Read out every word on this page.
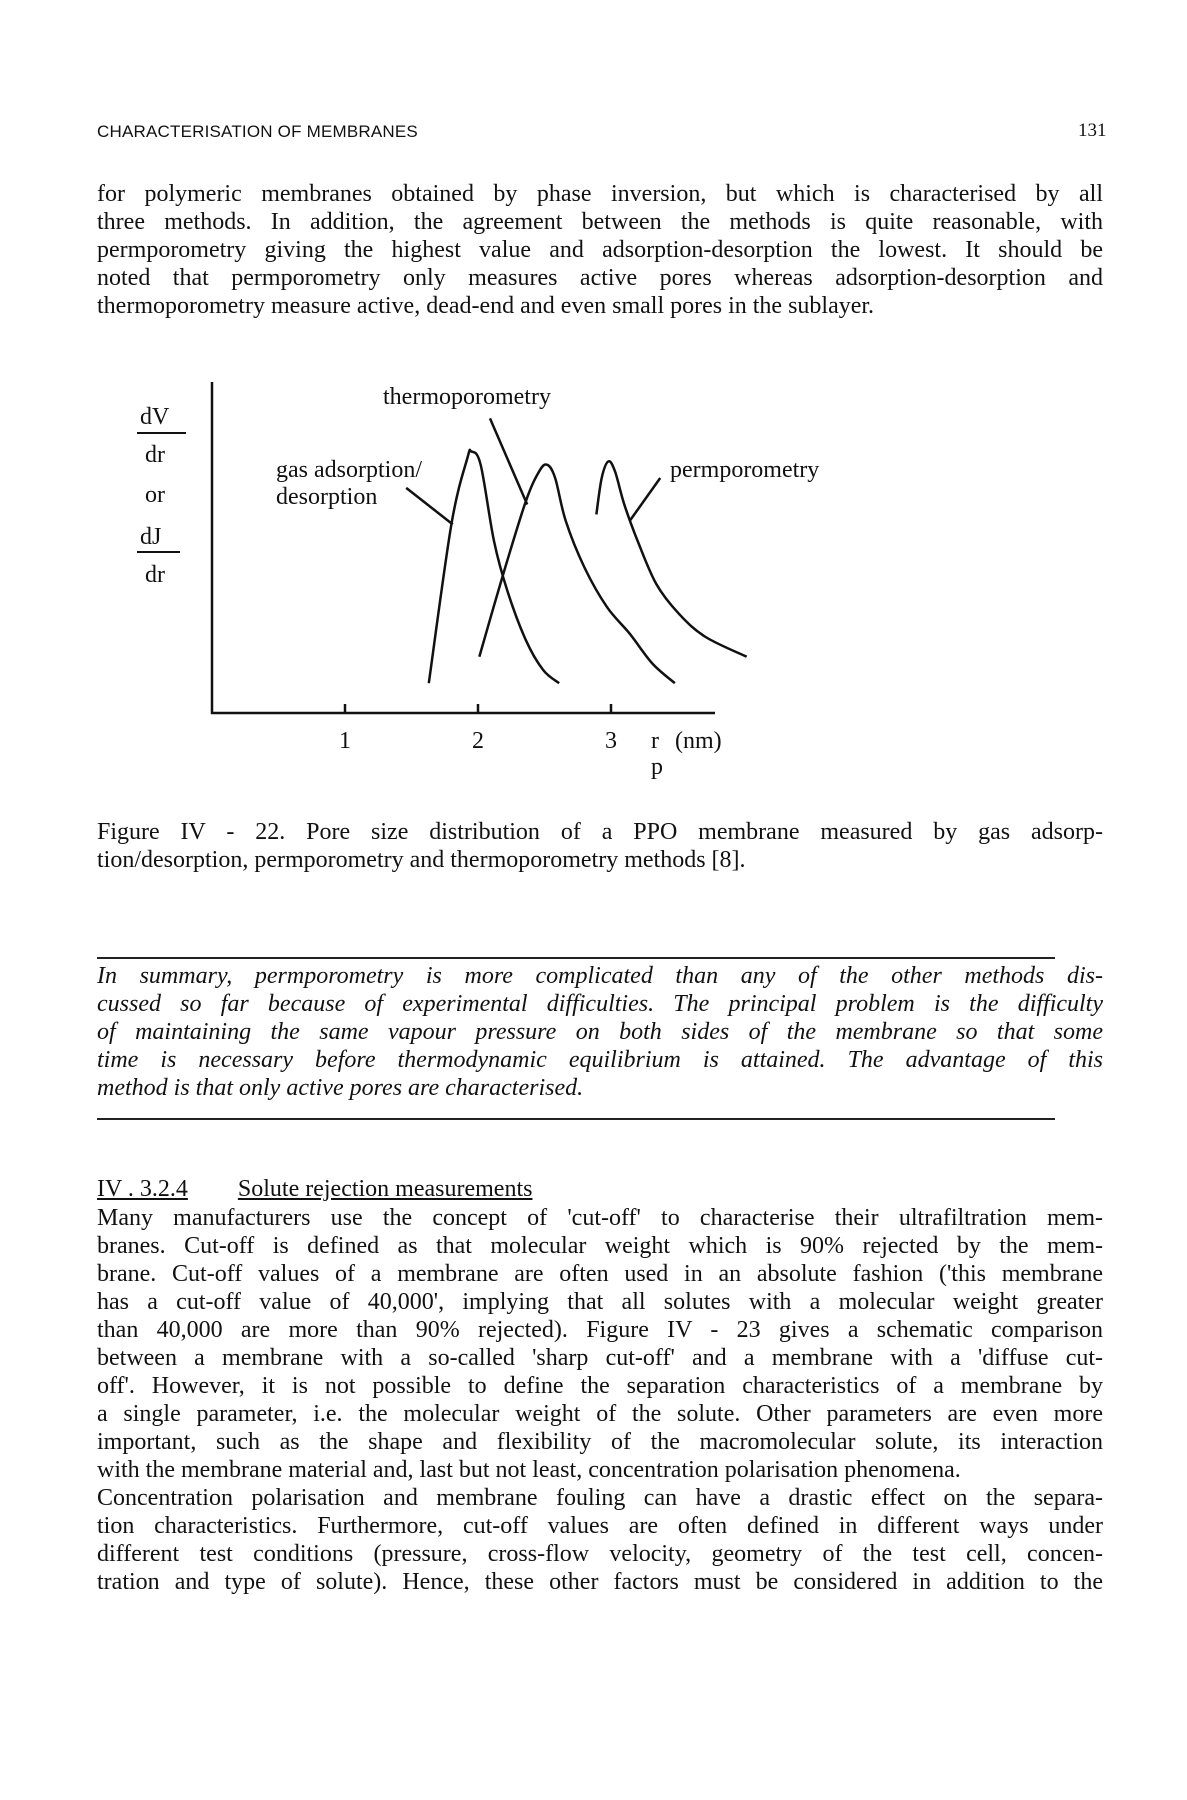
CHARACTERISATION OF MEMBRANES	131
for polymeric membranes obtained by phase inversion, but which is characterised by all
three methods. In addition, the agreement between the methods is quite reasonable, with
permporometry giving the highest value and adsorption-desorption the lowest. It should be
noted that permporometry only measures active pores whereas adsorption-desorption and
thermoporometry measure active, dead-end and even small pores in the sublayer.
dV
dr
or
dJ
dr
1	2	3
thermoporometry
gas adsorption/
desorption
permporometry
r
p
(nm)
Figure IV - 22. Pore size distribution of a PPO membrane measured by gas adsorp-
tion/desorption, permporometry and thermoporometry methods [8].
In summary, permporometry is more complicated than any of the other methods dis-
cussed so far because of experimental difficulties. The principal problem is the difficulty
of maintaining the same vapour pressure on both sides of the membrane so that some
time is necessary before thermodynamic equilibrium is attained. The advantage of this
method is that only active pores are characterised.
IV . 3.2.4 Solute rejection measurements
Many manufacturers use the concept of 'cut-off' to characterise their ultrafiltration mem-
branes. Cut-off is defined as that molecular weight which is 90% rejected by the mem-
brane. Cut-off values of a membrane are often used in an absolute fashion ('this membrane
has a cut-off value of 40,000', implying that all solutes with a molecular weight greater
than 40,000 are more than 90% rejected). Figure IV - 23 gives a schematic comparison
between a membrane with a so-called 'sharp cut-off' and a membrane with a 'diffuse cut-
off'. However, it is not possible to define the separation characteristics of a membrane by
a single parameter, i.e. the molecular weight of the solute. Other parameters are even more
important, such as the shape and flexibility of the macromolecular solute, its interaction
with the membrane material and, last but not least, concentration polarisation phenomena.
Concentration polarisation and membrane fouling can have a drastic effect on the separa-
tion characteristics. Furthermore, cut-off values are often defined in different ways under
different test conditions (pressure, cross-flow velocity, geometry of the test cell, concen-
tration and type of solute). Hence, these other factors must be considered in addition to the
